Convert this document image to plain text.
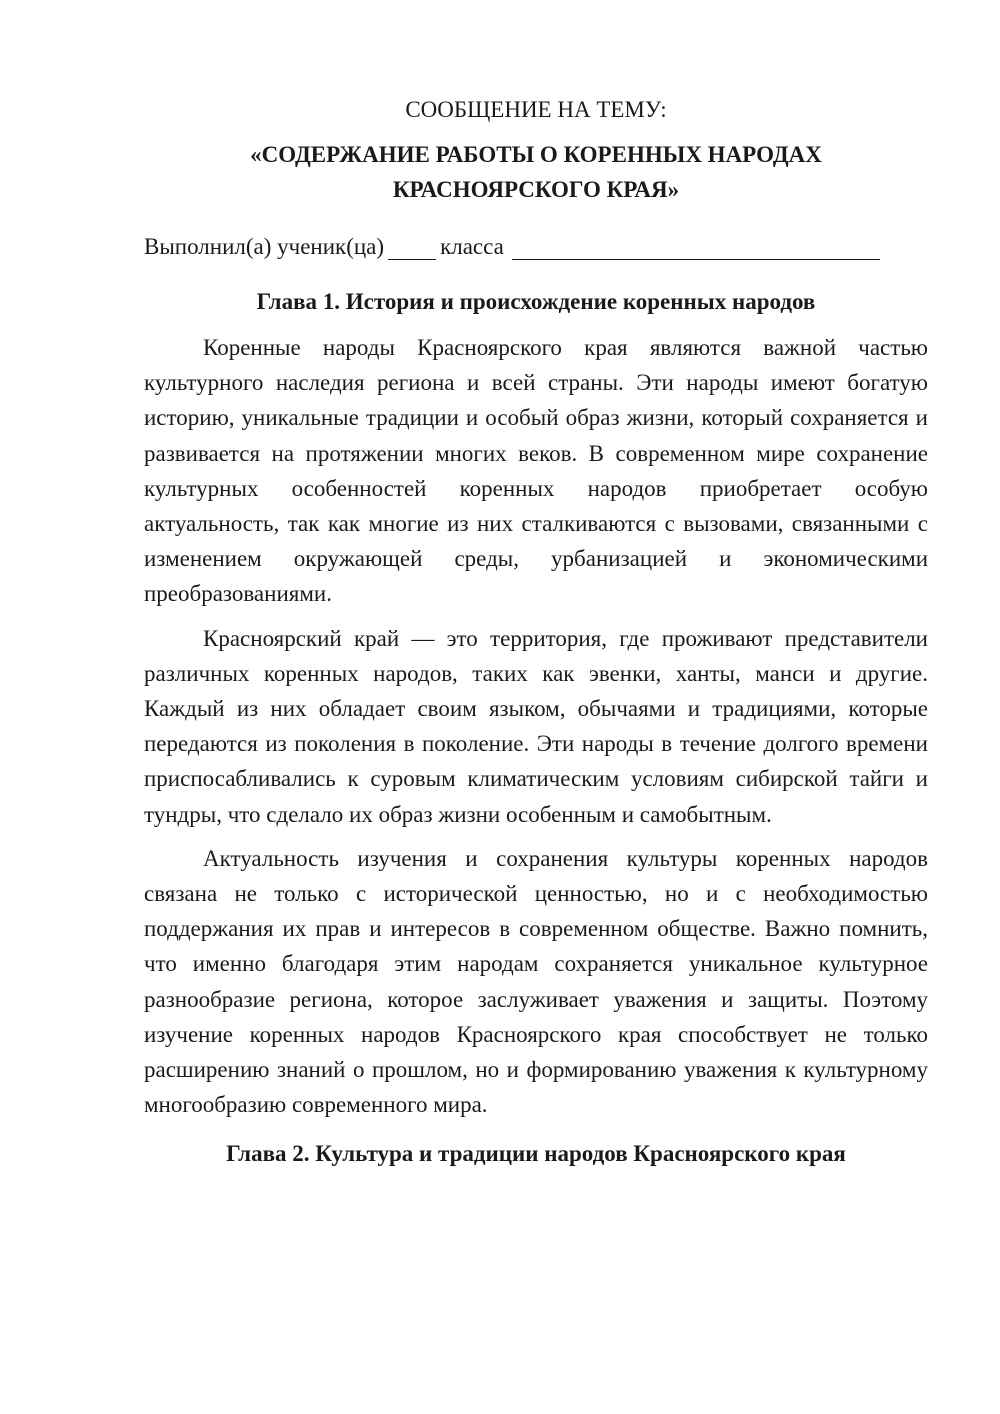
СООБЩЕНИЕ НА ТЕМУ:

«СОДЕРЖАНИЕ РАБОТЫ О КОРЕННЫХ НАРОДАХ
КРАСНОЯРСКОГО КРАЯ»

Выполнил(а) ученик(ца) класса

Глава 1. История и происхождение коренных народов

Коренные народы Красноярского края являются важной частью культурного наследия региона и всей страны. Эти народы имеют богатую историю, уникальные традиции и особый образ жизни, который сохраняется и развивается на протяжении многих веков. В современном мире сохранение культурных особенностей коренных народов приобретает особую актуальность, так как многие из них сталкиваются с вызовами, связанными с изменением окружающей среды, урбанизацией и экономическими преобразованиями.

Красноярский край — это территория, где проживают представители различных коренных народов, таких как эвенки, ханты, манси и другие. Каждый из них обладает своим языком, обычаями и традициями, которые передаются из поколения в поколение. Эти народы в течение долгого времени приспосабливались к суровым климатическим условиям сибирской тайги и тундры, что сделало их образ жизни особенным и самобытным.

Актуальность изучения и сохранения культуры коренных народов связана не только с исторической ценностью, но и с необходимостью поддержания их прав и интересов в современном обществе. Важно помнить, что именно благодаря этим народам сохраняется уникальное культурное разнообразие региона, которое заслуживает уважения и защиты. Поэтому изучение коренных народов Красноярского края способствует не только расширению знаний о прошлом, но и формированию уважения к культурному многообразию современного мира.

Глава 2. Культура и традиции народов Красноярского края
